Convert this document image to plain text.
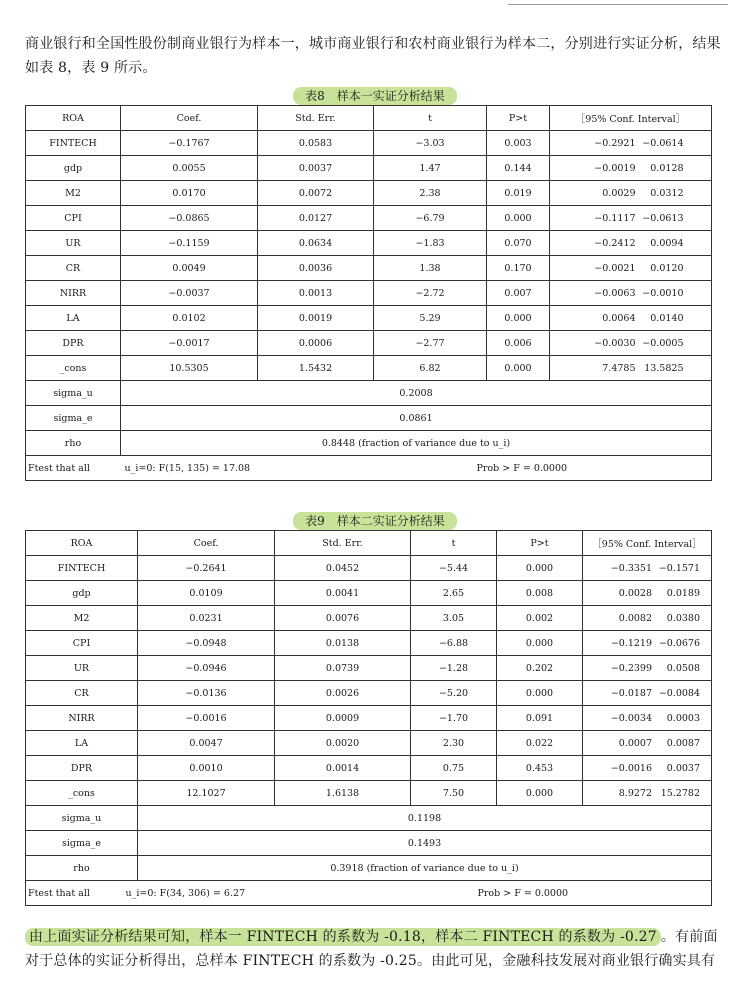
商业银行和全国性股份制商业银行为样本一，城市商业银行和农村商业银行为样本二，分别进行实证分析，结果如表 8，表 9 所示。
表8　样本一实证分析结果
ROA	Coef.	Std. Err.	t	P>t	［95% Conf. Interval］
FINTECH	−0.1767	0.0583	−3.03	0.003	−0.2921 −0.0614
gdp	0.0055	0.0037	1.47	0.144	−0.0019 0.0128
M2	0.0170	0.0072	2.38	0.019	0.0029 0.0312
CPI	−0.0865	0.0127	−6.79	0.000	−0.1117 −0.0613
UR	−0.1159	0.0634	−1.83	0.070	−0.2412 0.0094
CR	0.0049	0.0036	1.38	0.170	−0.0021 0.0120
NIRR	−0.0037	0.0013	−2.72	0.007	−0.0063 −0.0010
LA	0.0102	0.0019	5.29	0.000	0.0064 0.0140
DPR	−0.0017	0.0006	−2.77	0.006	−0.0030 −0.0005
_cons	10.5305	1.5432	6.82	0.000	7.4785 13.5825
sigma_u	0.2008				
sigma_e	0.0861				
rho	0.8448 (fraction of variance due to u_i)				
Ftest that all	u_i=0: F(15, 135) = 17.08 Prob > F = 0.0000				
表9　样本二实证分析结果
ROA	Coef.	Std. Err.	t	P>t	［95% Conf. Interval］
FINTECH	−0.2641	0.0452	−5.44	0.000	−0.3351 −0.1571
gdp	0.0109	0.0041	2.65	0.008	0.0028 0.0189
M2	0.0231	0.0076	3.05	0.002	0.0082 0.0380
CPI	−0.0948	0.0138	−6.88	0.000	−0.1219 −0.0676
UR	−0.0946	0.0739	−1.28	0.202	−0.2399 0.0508
CR	−0.0136	0.0026	−5.20	0.000	−0.0187 −0.0084
NIRR	−0.0016	0.0009	−1.70	0.091	−0.0034 0.0003
LA	0.0047	0.0020	2.30	0.022	0.0007 0.0087
DPR	0.0010	0.0014	0.75	0.453	−0.0016 0.0037
_cons	12.1027	1.6138	7.50	0.000	8.9272 15.2782
sigma_u	0.1198				
sigma_e	0.1493				
rho	0.3918 (fraction of variance due to u_i)				
Ftest that all	u_i=0: F(34, 306) = 6.27 Prob > F = 0.0000				
由上面实证分析结果可知，样本一 FINTECH 的系数为 -0.18，样本二 FINTECH 的系数为 -0.27 。有前面对于总体的实证分析得出，总样本 FINTECH 的系数为 -0.25。由此可见，金融科技发展对商业银行确实具有
